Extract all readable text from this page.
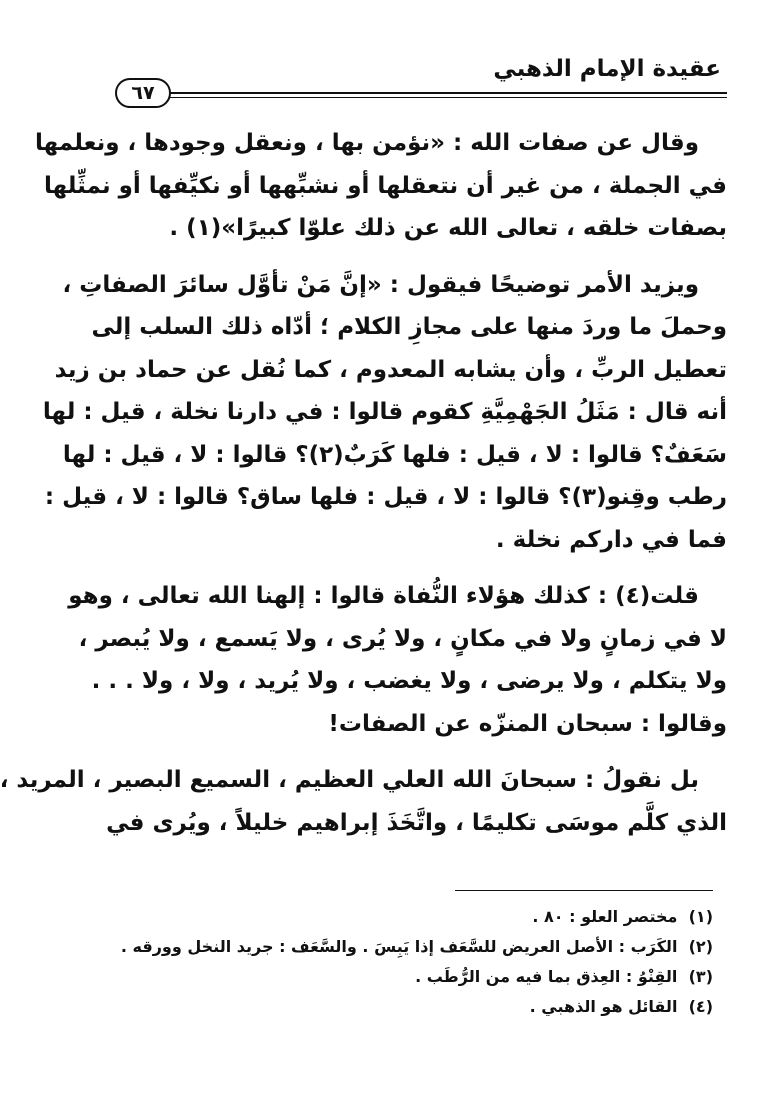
عقيدة الإمام الذهبي
٦٧

وقال عن صفات الله : «نؤمن بها ، ونعقل وجودها ، ونعلمها
في الجملة ، من غير أن نتعقلها أو نشبِّهها أو نكيِّفها أو نمثِّلها
بصفات خلقه ، تعالى الله عن ذلك علوّا كبيرًا»(١) .

ويزيد الأمر توضيحًا فيقول : «إنَّ مَنْ تأوَّل سائرَ الصفاتِ ،
وحملَ ما وردَ منها على مجازِ الكلام ؛ أدّاه ذلك السلب إلى
تعطيل الربِّ ، وأن يشابه المعدوم ، كما نُقل عن حماد بن زيد
أنه قال : مَثَلُ الجَهْمِيَّةِ كقوم قالوا : في دارنا نخلة ، قيل : لها
سَعَفٌ؟ قالوا : لا ، قيل : فلها كَرَبٌ(٢)؟ قالوا : لا ، قيل : لها
رطب وقِنو(٣)؟ قالوا : لا ، قيل : فلها ساق؟ قالوا : لا ، قيل :
فما في داركم نخلة .

قلت(٤) : كذلك هؤلاء النُّفاة قالوا : إلهنا الله تعالى ، وهو
لا في زمانٍ ولا في مكانٍ ، ولا يُرى ، ولا يَسمع ، ولا يُبصر ،
ولا يتكلم ، ولا يرضى ، ولا يغضب ، ولا يُريد ، ولا ، ولا . . .
وقالوا : سبحان المنزّه عن الصفات!

بل نقولُ : سبحانَ الله العلي العظيم ، السميع البصير ، المريد ،
الذي كلَّم موسَى تكليمًا ، واتَّخَذَ إبراهيم خليلاً ، ويُرى في

(١) مختصر العلو : ٨٠ .
(٢) الكَرَب : الأصل العريض للسَّعَف إذا يَبِسَ . والسَّعَف : جريد النخل وورقه .
(٣) القِنْوُ : العِذق بما فيه من الرُّطَب .
(٤) القائل هو الذهبي .
